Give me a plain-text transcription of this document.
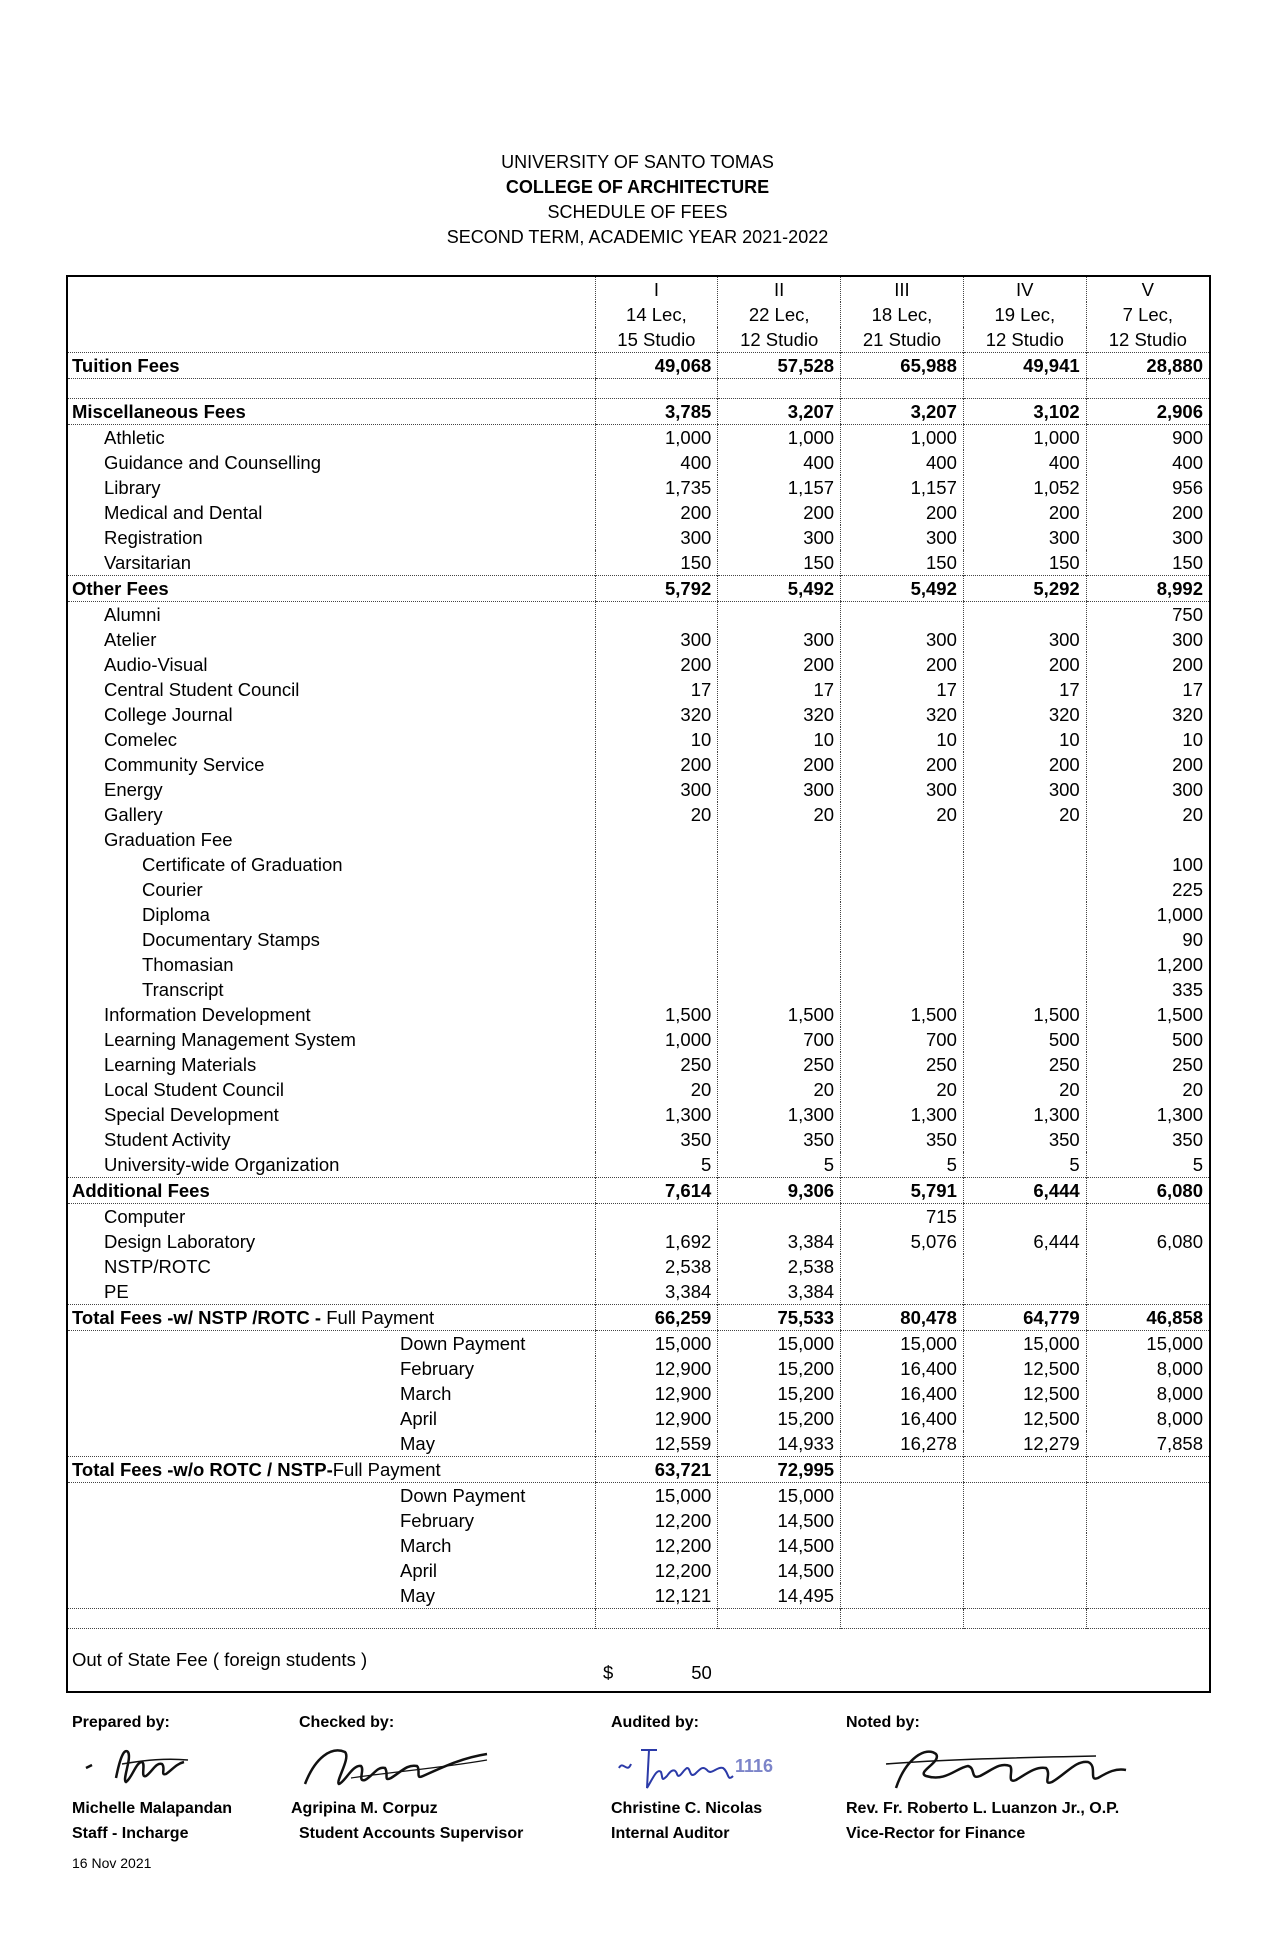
UNIVERSITY OF SANTO TOMAS
COLLEGE OF ARCHITECTURE
SCHEDULE OF FEES
SECOND TERM, ACADEMIC YEAR 2021-2022
	I	II	III	IV	V
	14 Lec,	22 Lec,	18 Lec,	19 Lec,	7 Lec,
	15 Studio	12 Studio	21 Studio	12 Studio	12 Studio
Tuition Fees	49,068	57,528	65,988	49,941	28,880

Miscellaneous Fees	3,785	3,207	3,207	3,102	2,906
Athletic	1,000	1,000	1,000	1,000	900
Guidance and Counselling	400	400	400	400	400
Library	1,735	1,157	1,157	1,052	956
Medical and Dental	200	200	200	200	200
Registration	300	300	300	300	300
Varsitarian	150	150	150	150	150
Other Fees	5,792	5,492	5,492	5,292	8,992
Alumni					750
Atelier	300	300	300	300	300
Audio-Visual	200	200	200	200	200
Central Student Council	17	17	17	17	17
College Journal	320	320	320	320	320
Comelec	10	10	10	10	10
Community Service	200	200	200	200	200
Energy	300	300	300	300	300
Gallery	20	20	20	20	20
Graduation Fee					
Certificate of Graduation					100
Courier					225
Diploma					1,000
Documentary Stamps					90
Thomasian					1,200
Transcript					335
Information Development	1,500	1,500	1,500	1,500	1,500
Learning Management System	1,000	700	700	500	500
Learning Materials	250	250	250	250	250
Local Student Council	20	20	20	20	20
Special Development	1,300	1,300	1,300	1,300	1,300
Student Activity	350	350	350	350	350
University-wide Organization	5	5	5	5	5
Additional Fees	7,614	9,306	5,791	6,444	6,080
Computer			715		
Design Laboratory	1,692	3,384	5,076	6,444	6,080
NSTP/ROTC	2,538	2,538			
PE	3,384	3,384			
Total Fees -w/ NSTP /ROTC - Full Payment	66,259	75,533	80,478	64,779	46,858
Down Payment	15,000	15,000	15,000	15,000	15,000
February	12,900	15,200	16,400	12,500	8,000
March	12,900	15,200	16,400	12,500	8,000
April	12,900	15,200	16,400	12,500	8,000
May	12,559	14,933	16,278	12,279	7,858
Total Fees -w/o ROTC / NSTP-Full Payment	63,721	72,995			
Down Payment	15,000	15,000			
February	12,200	14,500			
March	12,200	14,500			
April	12,200	14,500			
May	12,121	14,495			

Out of State Fee ( foreign students )	$ 50				

Prepared by:
Michelle Malapandan
Staff - Incharge
Checked by:
Agripina M. Corpuz
Student Accounts Supervisor
Audited by:
1116
Christine C. Nicolas
Internal Auditor
Noted by:
Rev. Fr. Roberto L. Luanzon Jr., O.P.
Vice-Rector for Finance
16 Nov 2021
